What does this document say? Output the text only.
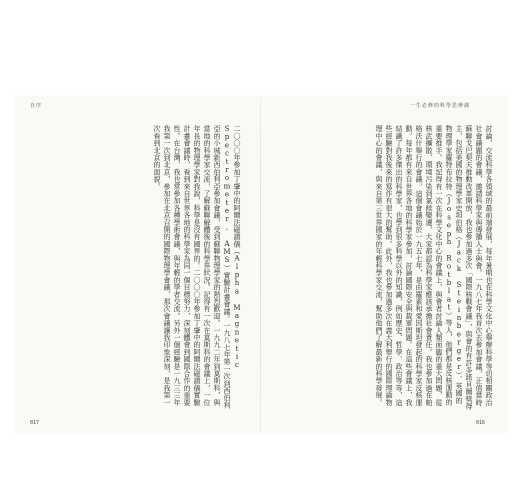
自序

二〇〇〇年參加丁肇中的阿爾法磁譜儀（Alpha Magnetic Spectrometer, AMS）實驗計畫會議。一九八七年第一次到西伯利亞的小城新西伯利亞參加會議，受到蘇聯物理學家的熱烈歡迎。一九九二年到莫斯科，與當地的科學家交流，了解蘇聯解體後的科學界狀況。記得有一次在莫斯科的會議上，一位年長的物理學家對我說，科學是沒有國界的。二〇〇〇年參加丁肇中的阿爾法磁譜儀實驗計畫會議時，看到來自世界各地的科學家為同一個目標努力，深刻體會到國際合作的重要性。在台灣，我也常參加各種學術會議，與年輕的學者交流。另外一個經驗是一九三三年我第一次到北京，參加在北京召開的國際物理學會議，那次會議讓我印象深刻，是我第一次看到北京的面貌。

017
一生必修的科學思辨課

討論，交流科學各領域的最前端發展，每年暑期也在科學文化中心舉辦科學等切相關政治社會議題的會議，邀請科學家與傳播人士與會。一九八七年我首次去參加會議，正值當時蘇聯戈巴契夫推動改革開放，我也參加過多次「國際核戰會議」，與會的有許多諾貝爾獎得主，包括美國的物理學家史坦伯格（Jack Steinberger）、英國的物理學家羅特布拉特（Joseph Rotblat）等人，他們都是反核運動的重要推手。我記得有一次在科學文化中心的會議上，與會者討論人類面臨的重大問題，從核武擴散、環境污染到氣候變遷，大家都認為科學家應該承擔社會責任。我也參加過在帕格沃什舉行的會議，這個會議始於一九五七年，是由羅素和愛因斯坦發起的科學家反核運動，每年都有來自世界各地的科學家參加，討論國際安全與裁軍問題。在這些會議上，我結識了許多傑出的科學家，也學到很多科學以外的知識，例如歷史、哲學、政治等等，這些經驗對我後來的寫作有很大的幫助。此外，我也參加過多次在義大利舉行的國際理論物理中心的會議，與來自第三世界國家的年輕科學家交流，幫助他們了解最新的科學發展。

016
